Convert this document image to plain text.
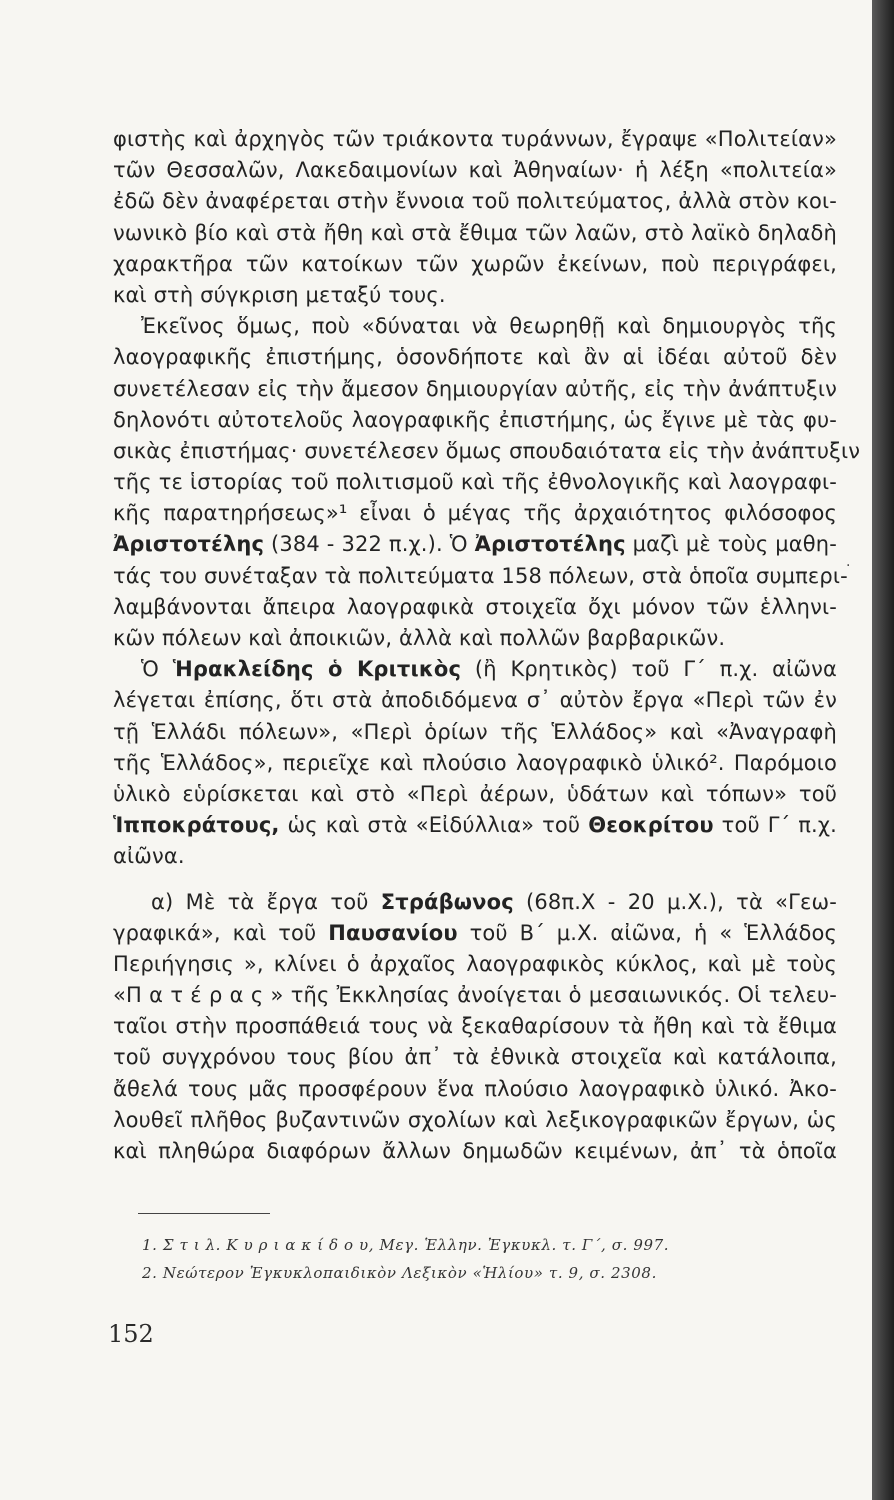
φιστὴς καὶ ἀρχηγὸς τῶν τριάκοντα τυράννων, ἔγραψε «Πολιτείαν»
τῶν Θεσσαλῶν, Λακεδαιμονίων καὶ Ἀθηναίων· ἡ λέξη «πολιτεία»
ἐδῶ δὲν ἀναφέρεται στὴν ἔννοια τοῦ πολιτεύματος, ἀλλὰ στὸν κοι-
νωνικὸ βίο καὶ στὰ ἤθη καὶ στὰ ἔθιμα τῶν λαῶν, στὸ λαϊκὸ δηλαδὴ
χαρακτῆρα τῶν κατοίκων τῶν χωρῶν ἐκείνων, ποὺ περιγράφει,
καὶ στὴ σύγκριση μεταξύ τους.
Ἐκεῖνος ὅμως, ποὺ «δύναται νὰ θεωρηθῇ καὶ δημιουργὸς τῆς
λαογραφικῆς ἐπιστήμης, ὁσονδήποτε καὶ ἂν αἱ ἰδέαι αὐτοῦ δὲν
συνετέλεσαν εἰς τὴν ἄμεσον δημιουργίαν αὐτῆς, εἰς τὴν ἀνάπτυξιν
δηλονότι αὐτοτελοῦς λαογραφικῆς ἐπιστήμης, ὡς ἔγινε μὲ τὰς φυ-
σικὰς ἐπιστήμας· συνετέλεσεν ὅμως σπουδαιότατα εἰς τὴν ἀνάπτυξιν
τῆς τε ἱστορίας τοῦ πολιτισμοῦ καὶ τῆς ἐθνολογικῆς καὶ λαογραφι-
κῆς παρατηρήσεως»¹ εἶναι ὁ μέγας τῆς ἀρχαιότητος φιλόσοφος
Ἀριστοτέλης (384 - 322 π.χ.). Ὁ Ἀριστοτέλης μαζὶ μὲ τοὺς μαθη-
τάς του συνέταξαν τὰ πολιτεύματα 158 πόλεων, στὰ ὁποῖα συμπερι-
λαμβάνονται ἄπειρα λαογραφικὰ στοιχεῖα ὄχι μόνον τῶν ἑλληνι-
κῶν πόλεων καὶ ἀποικιῶν, ἀλλὰ καὶ πολλῶν βαρβαρικῶν.
Ὁ Ἡρακλείδης ὁ Κριτικὸς (ἢ Κρητικὸς) τοῦ Γ΄ π.χ. αἰῶνα
λέγεται ἐπίσης, ὅτι στὰ ἀποδιδόμενα σ᾽ αὐτὸν ἔργα «Περὶ τῶν ἐν
τῇ Ἑλλάδι πόλεων», «Περὶ ὁρίων τῆς Ἑλλάδος» καὶ «Ἀναγραφὴ
τῆς Ἑλλάδος», περιεῖχε καὶ πλούσιο λαογραφικὸ ὑλικό². Παρόμοιο
ὑλικὸ εὑρίσκεται καὶ στὸ «Περὶ ἀέρων, ὑδάτων καὶ τόπων» τοῦ
Ἱπποκράτους, ὡς καὶ στὰ «Εἰδύλλια» τοῦ Θεοκρίτου τοῦ Γ΄ π.χ.
αἰῶνα.
α) Μὲ τὰ ἔργα τοῦ Στράβωνος (68π.Χ - 20 μ.Χ.), τὰ «Γεω-
γραφικά», καὶ τοῦ Παυσανίου τοῦ Β΄ μ.Χ. αἰῶνα, ἡ « Ἑλλάδος
Περιήγησις », κλίνει ὁ ἀρχαῖος λαογραφικὸς κύκλος, καὶ μὲ τοὺς
«Π α τ έ ρ α ς » τῆς Ἐκκλησίας ἀνοίγεται ὁ μεσαιωνικός. Οἱ τελευ-
ταῖοι στὴν προσπάθειά τους νὰ ξεκαθαρίσουν τὰ ἤθη καὶ τὰ ἔθιμα
τοῦ συγχρόνου τους βίου ἀπ᾽ τὰ ἐθνικὰ στοιχεῖα καὶ κατάλοιπα,
ἄθελά τους μᾶς προσφέρουν ἕνα πλούσιο λαογραφικὸ ὑλικό. Ἀκο-
λουθεῖ πλῆθος βυζαντινῶν σχολίων καὶ λεξικογραφικῶν ἔργων, ὡς
καὶ πληθώρα διαφόρων ἄλλων δημωδῶν κειμένων, ἀπ᾽ τὰ ὁποῖα
·
1. Σ τ ι λ. Κ υ ρ ι α κ ί δ ο υ, Μεγ. Ἑλλην. Ἐγκυκλ. τ. Γ΄, σ. 997.
2. Νεώτερον Ἐγκυκλοπαιδικὸν Λεξικὸν «Ἡλίου» τ. 9, σ. 2308.
152
